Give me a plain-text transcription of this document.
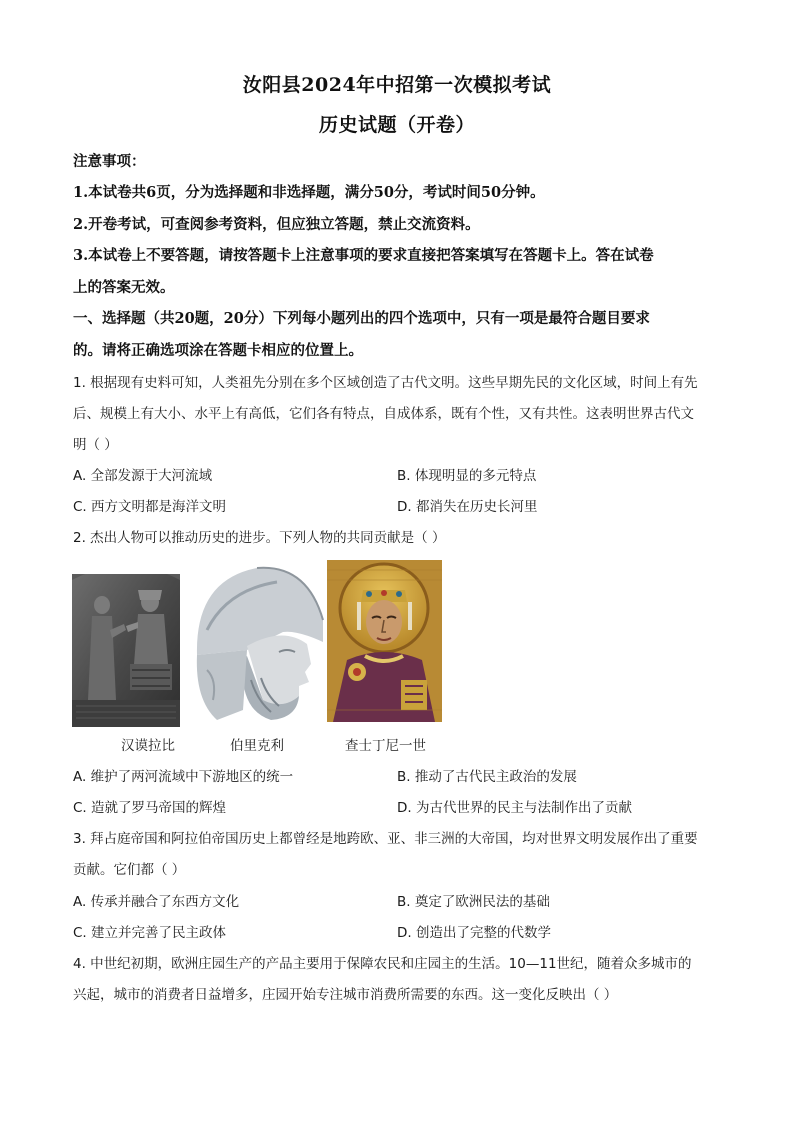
汝阳县2024年中招第一次模拟考试
历史试题（开卷）
注意事项：
1.本试卷共6页，分为选择题和非选择题，满分50分，考试时间50分钟。
2.开卷考试，可查阅参考资料，但应独立答题，禁止交流资料。
3.本试卷上不要答题，请按答题卡上注意事项的要求直接把答案填写在答题卡上。答在试卷
上的答案无效。
一、选择题（共20题，20分）下列每小题列出的四个选项中，只有一项是最符合题目要求
的。请将正确选项涂在答题卡相应的位置上。
1. 根据现有史料可知，人类祖先分别在多个区域创造了古代文明。这些早期先民的文化区域，时间上有先
后、规模上有大小、水平上有高低，它们各有特点，自成体系，既有个性，又有共性。这表明世界古代文
明（ ）
A. 全部发源于大河流域	B. 体现明显的多元特点
C. 西方文明都是海洋文明	D. 都消失在历史长河里
2. 杰出人物可以推动历史的进步。下列人物的共同贡献是（ ）
汉谟拉比	伯里克利	查士丁尼一世
A. 维护了两河流域中下游地区的统一	B. 推动了古代民主政治的发展
C. 造就了罗马帝国的辉煌	D. 为古代世界的民主与法制作出了贡献
3. 拜占庭帝国和阿拉伯帝国历史上都曾经是地跨欧、亚、非三洲的大帝国，均对世界文明发展作出了重要
贡献。它们都（ ）
A. 传承并融合了东西方文化	B. 奠定了欧洲民法的基础
C. 建立并完善了民主政体	D. 创造出了完整的代数学
4. 中世纪初期，欧洲庄园生产的产品主要用于保障农民和庄园主的生活。10—11世纪，随着众多城市的
兴起，城市的消费者日益增多，庄园开始专注城市消费所需要的东西。这一变化反映出（ ）
